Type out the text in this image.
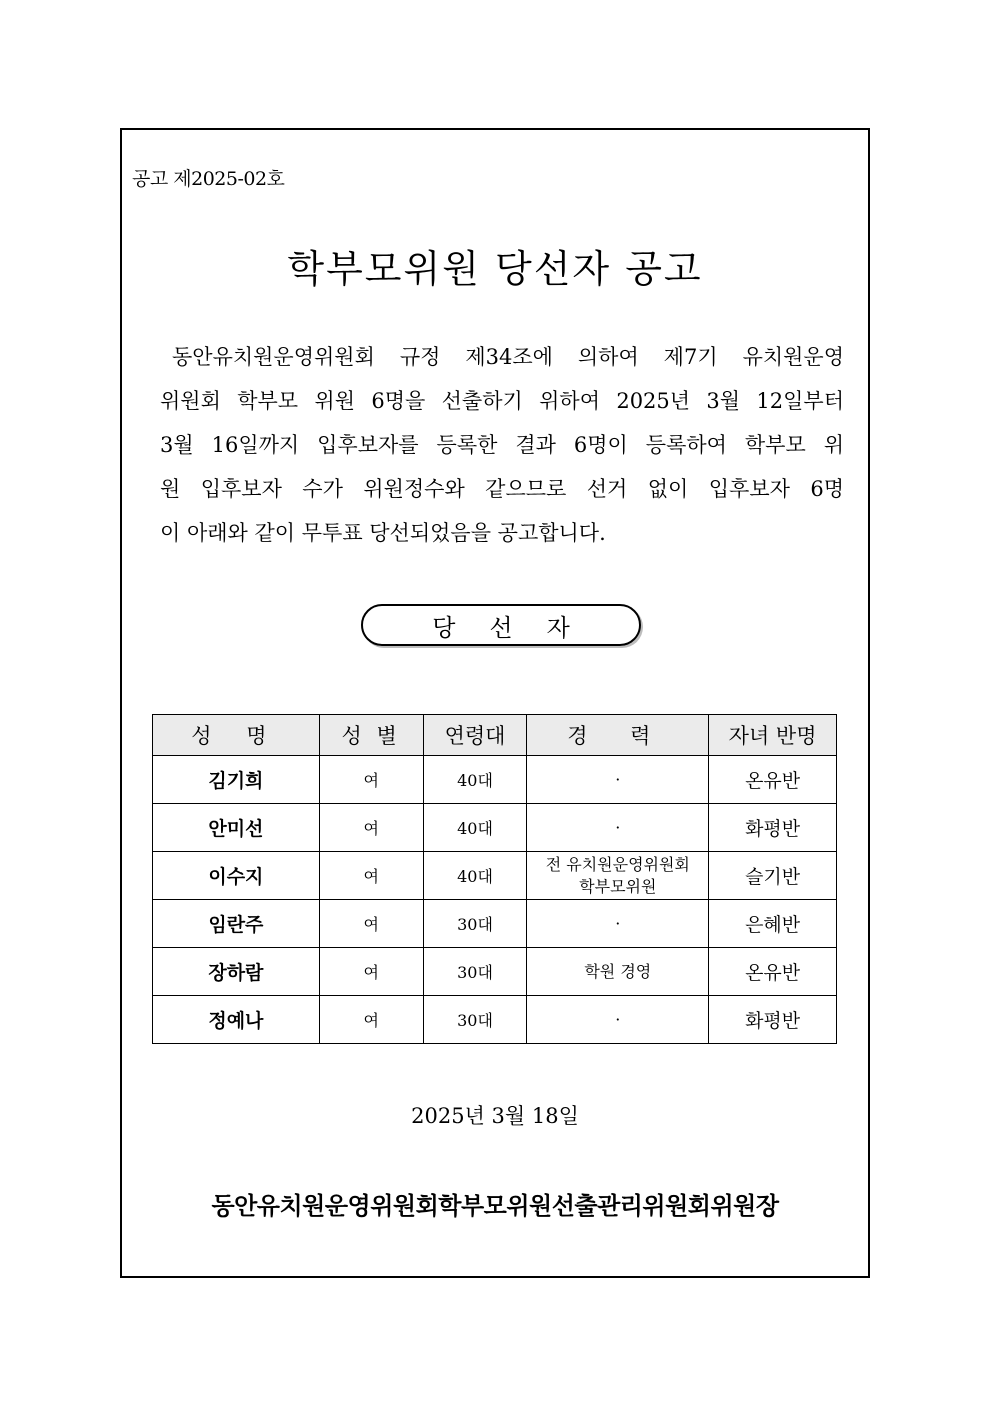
공고 제2025-02호
학부모위원 당선자 공고

동안유치원운영위원회 규정 제34조에 의하여 제7기 유치원운영
위원회 학부모 위원 6명을 선출하기 위하여 2025년 3월 12일부터
3월 16일까지 입후보자를 등록한 결과 6명이 등록하여 학부모 위
원 입후보자 수가 위원정수와 같으므로 선거 없이 입후보자 6명
이 아래와 같이 무투표 당선되었음을 공고합니다.

당선자
성 명	성 별	연령대	경 력	자녀 반명
김기희	여	40대	·	온유반
안미선	여	40대	·	화평반
이수지	여	40대	전 유치원운영위원회 학부모위원	슬기반
임란주	여	30대	·	은혜반
장하람	여	30대	학원 경영	온유반
정예나	여	30대	·	화평반
2025년 3월 18일
동안유치원운영위원회학부모위원선출관리위원회위원장
